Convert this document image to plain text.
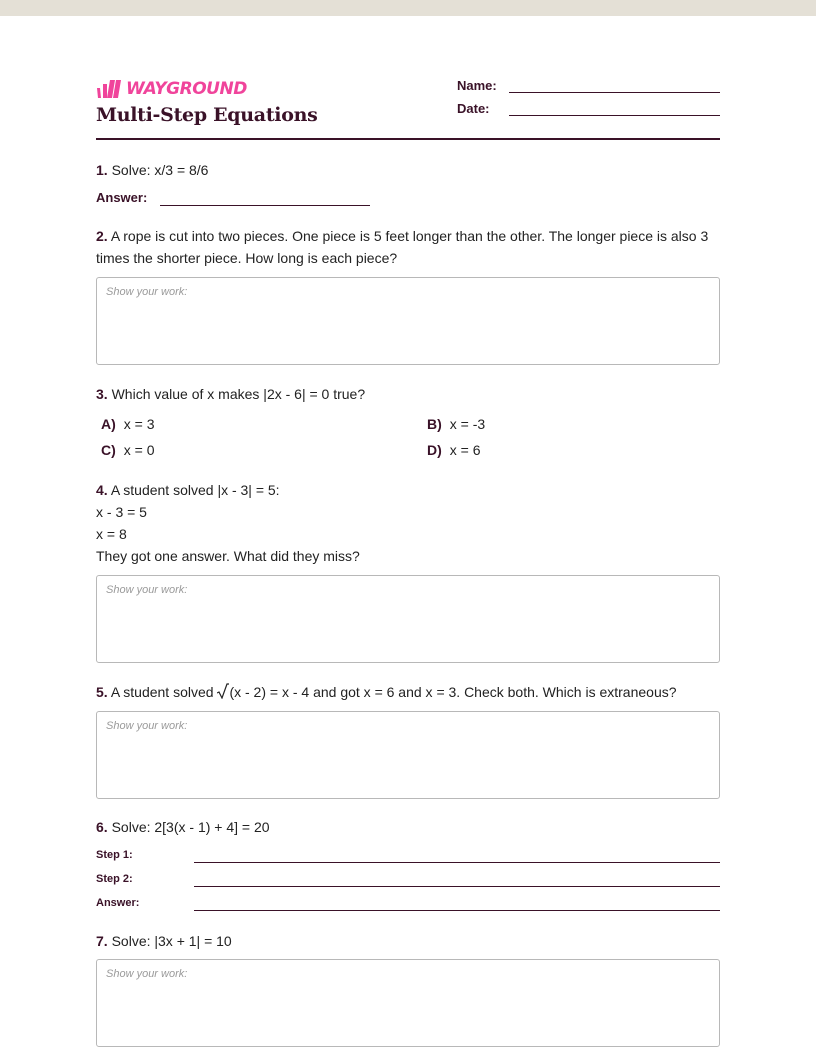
WAYGROUND
Multi-Step Equations
Name:
Date:
1. Solve: x/3 = 8/6
Answer:
2. A rope is cut into two pieces. One piece is 5 feet longer than the other. The longer piece is also 3 times the shorter piece. How long is each piece?
Show your work:
3. Which value of x makes |2x - 6| = 0 true?
A) x = 3	B) x = -3
C) x = 0	D) x = 6
4. A student solved |x - 3| = 5:
x - 3 = 5
x = 8
They got one answer. What did they miss?
Show your work:
5. A student solved (x - 2) = x - 4 and got x = 6 and x = 3. Check both. Which is extraneous?
Show your work:
6. Solve: 2[3(x - 1) + 4] = 20
Step 1:
Step 2:
Answer:
7. Solve: |3x + 1| = 10
Show your work:
